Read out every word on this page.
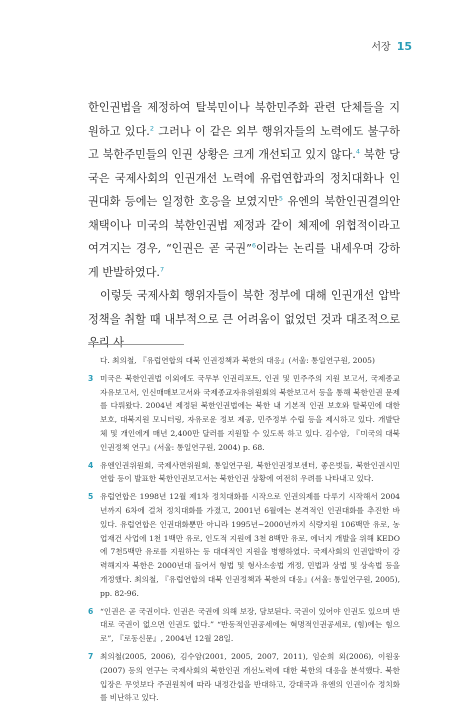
서장 15

한인권법을 제정하여 탈북민이나 북한민주화 관련 단체들을 지원하고 있다.$^2$ 그러나 이 같은 외부 행위자들의 노력에도 불구하고 북한주민들의 인권 상황은 크게 개선되고 있지 않다.$^4$ 북한 당국은 국제사회의 인권개선 노력에 유럽연합과의 정치대화나 인권대화 등에는 일정한 호응을 보였지만$^5$ 유엔의 북한인권결의안 채택이나 미국의 북한인권법 제정과 같이 체제에 위협적이라고 여겨지는 경우, “인권은 곧 국권”$^6$이라는 논리를 내세우며 강하게 반발하였다.$^7$

이렇듯 국제사회 행위자들이 북한 정부에 대해 인권개선 압박정책을 취할 때 내부적으로 큰 어려움이 없었던 것과 대조적으로 우리 사

다. 최의철, 『유럽연합의 대북 인권정책과 북한의 대응』(서울: 통일연구원, 2005)
3 미국은 북한인권법 이외에도 국무부 인권리포트, 인권 및 민주주의 지원 보고서, 국제종교자유보고서, 인신매매보고서와 국제종교자유위원회의 북한보고서 등을 통해 북한인권 문제를 다뤄왔다. 2004년 제정된 북한인권법에는 북한 내 기본적 인권 보호와 탈북민에 대한 보호, 대북지원 모니터링, 자유로운 정보 제공, 민주정부 수립 등을 제시하고 있다. 개발단체 및 개인에게 매년 2,400만 달러를 지원할 수 있도록 하고 있다. 김수암, 『미국의 대북인권정책 연구』(서울: 통일연구원, 2004) p. 68.
4 유엔인권위원회, 국제사면위원회, 통일연구원, 북한인권정보센터, 좋은벗들, 북한인권시민연합 등이 발표한 북한인권보고서는 북한인권 상황에 여전히 우려를 나타내고 있다.
5 유럽연합은 1998년 12월 제1차 정치대화를 시작으로 인권의제를 다루기 시작해서 2004년까지 6차에 걸쳐 정치대화를 가졌고, 2001년 6월에는 본격적인 인권대화를 추진한 바 있다. 유럽연합은 인권대화뿐만 아니라 1995년~2000년까지 식량지원 106백만 유로, 농업재건 사업에 1천 1백만 유로, 인도적 지원에 3천 8백만 유로, 에너지 개발을 위해 KEDO에 7천5백만 유로를 지원하는 등 대대적인 지원을 병행하였다. 국제사회의 인권압박이 강력해지자 북한은 2000년대 들어서 형법 및 형사소송법 개정, 민법과 상법 및 상속법 등을 개정했다. 최의철, 『유럽연합의 대북 인권정책과 북한의 대응』(서울: 통일연구원, 2005), pp. 82-96.
6 “인권은 곧 국권이다. 인권은 국권에 의해 보장, 담보된다. 국권이 있어야 인권도 있으며 반대로 국권이 없으면 인권도 없다.” “반동적인권공세에는 혁명적인권공세로, (힘)에는 힘으로”, 『로동신문』, 2004년 12월 28일.
7 최의철(2005, 2006), 김수암(2001, 2005, 2007, 2011), 임순희 외(2006), 이원웅(2007) 등의 연구는 국제사회의 북한인권 개선노력에 대한 북한의 대응을 분석했다. 북한 입장은 무엇보다 주권원칙에 따라 내정간섭을 반대하고, 강대국과 유엔의 인권이슈 정치화를 비난하고 있다.
